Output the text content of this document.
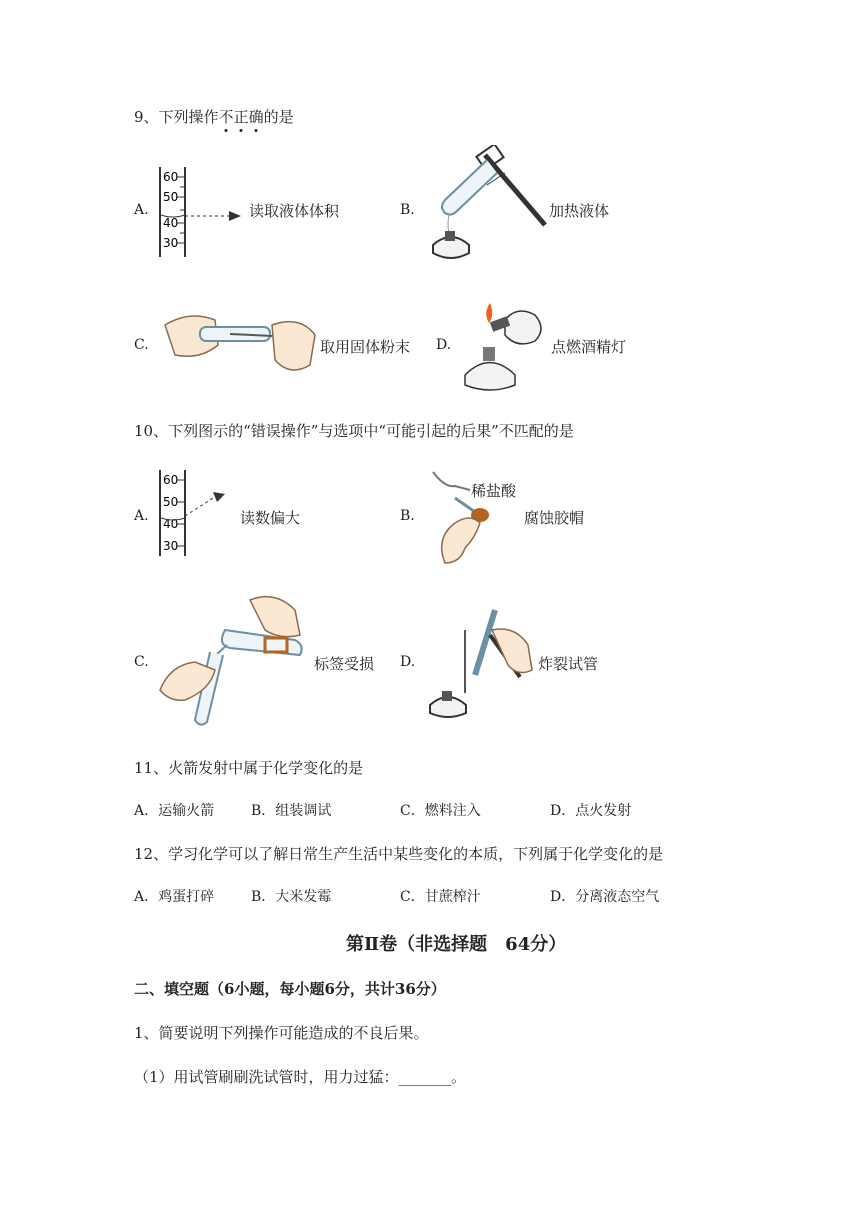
9、下列操作不正确的是
A.
60
50
40
30
读取液体体积	B.	加热液体
C.	取用固体粉末 D.	点燃酒精灯
10、下列图示的“错误操作”与选项中“可能引起的后果”不匹配的是
A.
60
50
40
30
读数偏大	B.
稀盐酸
腐蚀胶帽
C.	标签受损 D.	炸裂试管
11、火箭发射中属于化学变化的是
A．运输火箭	B．组装调试	C．燃料注入	D．点火发射
12、学习化学可以了解日常生产生活中某些变化的本质，下列属于化学变化的是
A．鸡蛋打碎	B．大米发霉	C．甘蔗榨汁	D．分离液态空气
第Ⅱ卷（非选择题　64分）
二、填空题（6小题，每小题6分，共计36分）
1、简要说明下列操作可能造成的不良后果。
（1）用试管刷刷洗试管时，用力过猛：_______。
